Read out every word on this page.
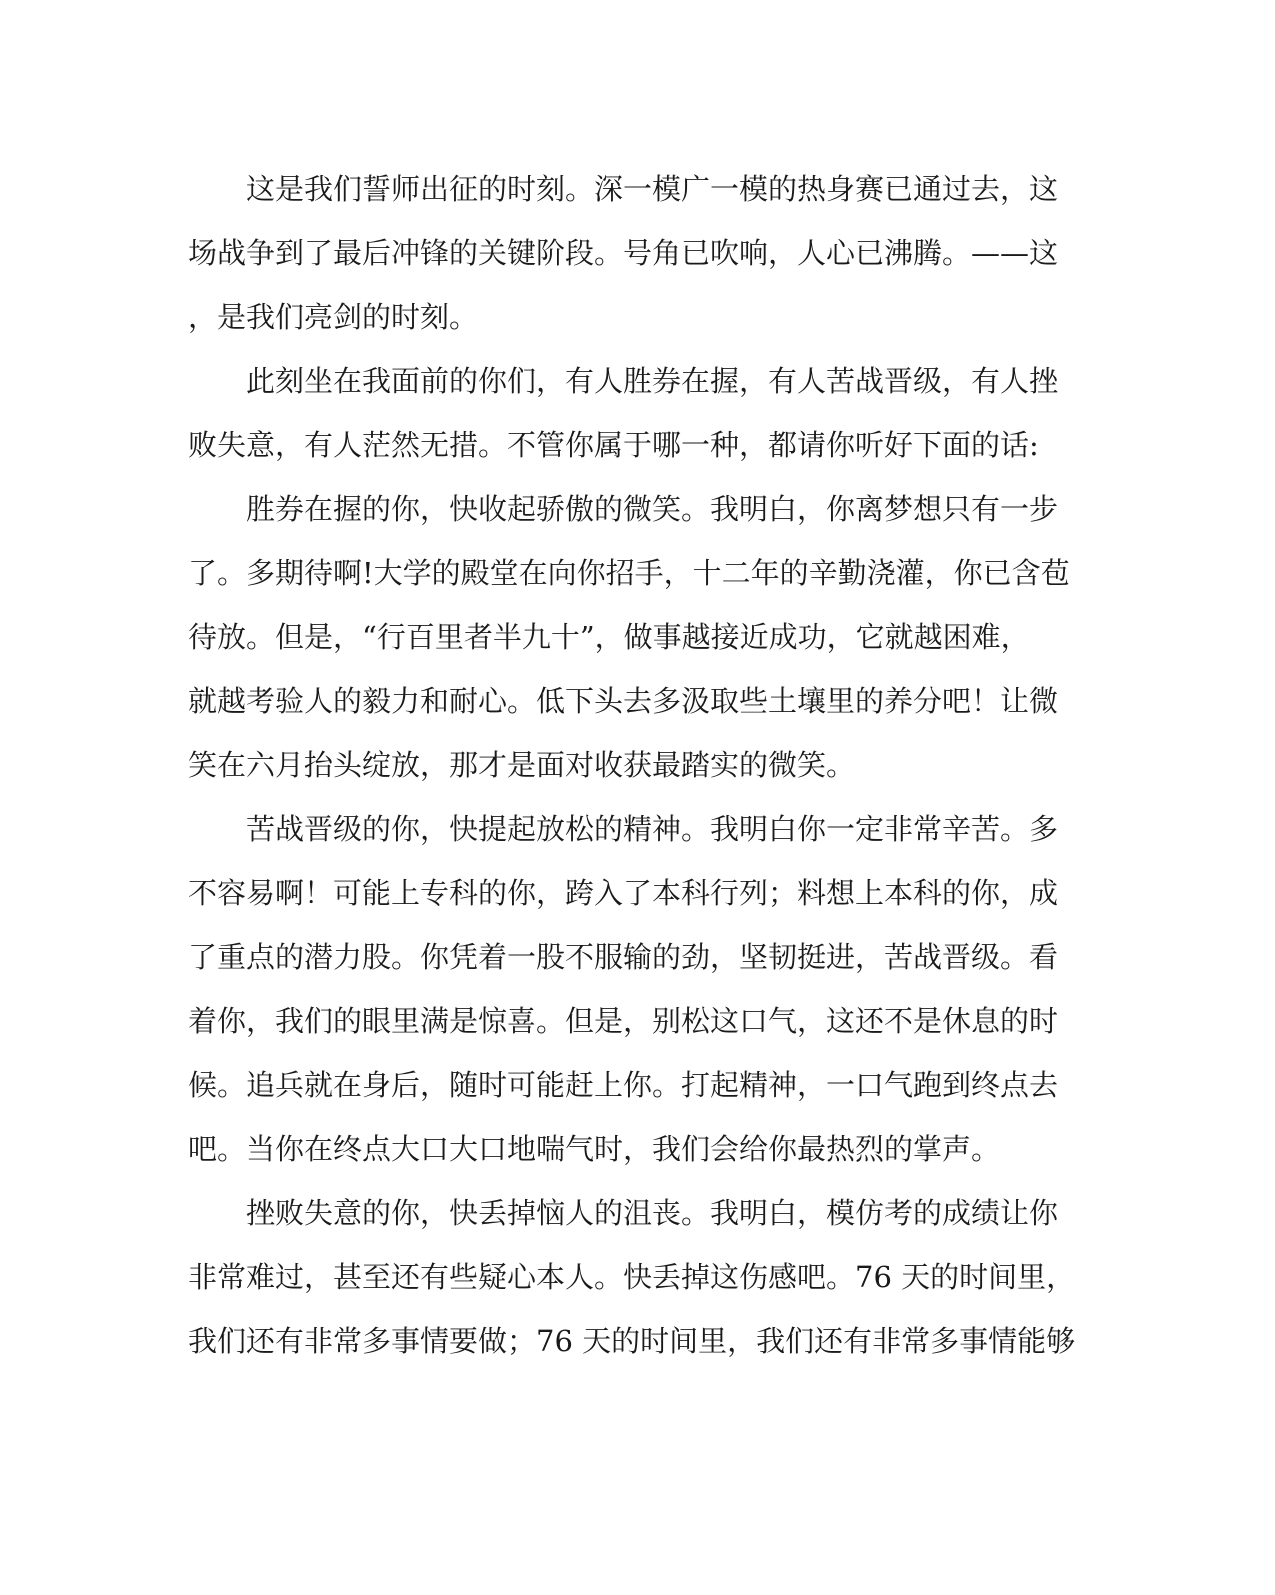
这是我们誓师出征的时刻。深一模广一模的热身赛已通过去，这
场战争到了最后冲锋的关键阶段。号角已吹响，人心已沸腾。——这
，是我们亮剑的时刻。
此刻坐在我面前的你们，有人胜券在握，有人苦战晋级，有人挫
败失意，有人茫然无措。不管你属于哪一种，都请你听好下面的话:
胜券在握的你，快收起骄傲的微笑。我明白，你离梦想只有一步
了。多期待啊!大学的殿堂在向你招手，十二年的辛勤浇灌，你已含苞
待放。但是，“行百里者半九十”，做事越接近成功，它就越困难，
就越考验人的毅力和耐心。低下头去多汲取些土壤里的养分吧！让微
笑在六月抬头绽放，那才是面对收获最踏实的微笑。
苦战晋级的你，快提起放松的精神。我明白你一定非常辛苦。多
不容易啊！可能上专科的你，跨入了本科行列；料想上本科的你，成
了重点的潜力股。你凭着一股不服输的劲，坚韧挺进，苦战晋级。看
着你，我们的眼里满是惊喜。但是，别松这口气，这还不是休息的时
候。追兵就在身后，随时可能赶上你。打起精神，一口气跑到终点去
吧。当你在终点大口大口地喘气时，我们会给你最热烈的掌声。
挫败失意的你，快丢掉恼人的沮丧。我明白，模仿考的成绩让你
非常难过，甚至还有些疑心本人。快丢掉这伤感吧。76 天的时间里，
我们还有非常多事情要做；76 天的时间里，我们还有非常多事情能够
